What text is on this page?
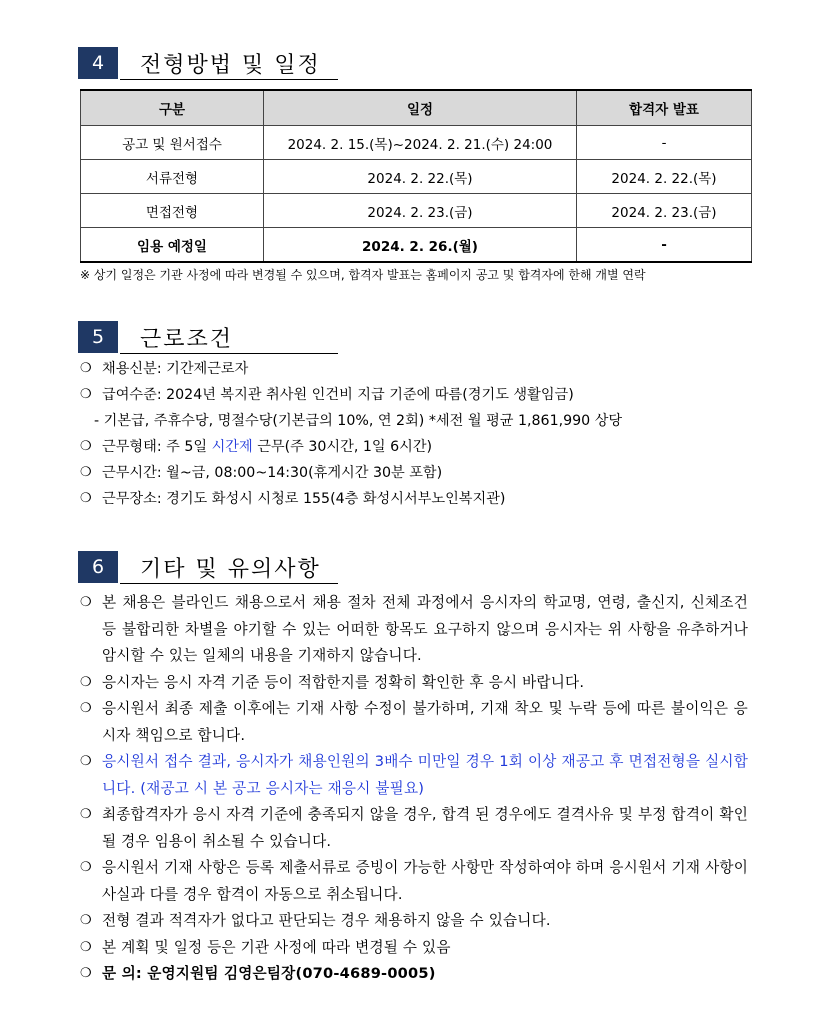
4	전형방법 및 일정
구분	일정	합격자 발표
공고 및 원서접수	2024. 2. 15.(목)~2024. 2. 21.(수) 24:00	-
서류전형	2024. 2. 22.(목)	2024. 2. 22.(목)
면접전형	2024. 2. 23.(금)	2024. 2. 23.(금)
임용 예정일	2024. 2. 26.(월)	-
※ 상기 일정은 기관 사정에 따라 변경될 수 있으며, 합격자 발표는 홈페이지 공고 및 합격자에 한해 개별 연락
5	근로조건
❍ 채용신분: 기간제근로자
❍ 급여수준: 2024년 복지관 취사원 인건비 지급 기준에 따름(경기도 생활임금)
- 기본급, 주휴수당, 명절수당(기본급의 10%, 연 2회) *세전 월 평균 1,861,990 상당
❍ 근무형태: 주 5일 시간제 근무(주 30시간, 1일 6시간)
❍ 근무시간: 월~금, 08:00~14:30(휴게시간 30분 포함)
❍ 근무장소: 경기도 화성시 시청로 155(4층 화성시서부노인복지관)
6	기타 및 유의사항
❍ 본 채용은 블라인드 채용으로서 채용 절차 전체 과정에서 응시자의 학교명, 연령, 출신지, 신체조건 등 불합리한 차별을 야기할 수 있는 어떠한 항목도 요구하지 않으며 응시자는 위 사항을 유추하거나 암시할 수 있는 일체의 내용을 기재하지 않습니다.
❍ 응시자는 응시 자격 기준 등이 적합한지를 정확히 확인한 후 응시 바랍니다.
❍ 응시원서 최종 제출 이후에는 기재 사항 수정이 불가하며, 기재 착오 및 누락 등에 따른 불이익은 응시자 책임으로 합니다.
❍ 응시원서 접수 결과, 응시자가 채용인원의 3배수 미만일 경우 1회 이상 재공고 후 면접전형을 실시합니다. (재공고 시 본 공고 응시자는 재응시 불필요)
❍ 최종합격자가 응시 자격 기준에 충족되지 않을 경우, 합격 된 경우에도 결격사유 및 부정 합격이 확인될 경우 임용이 취소될 수 있습니다.
❍ 응시원서 기재 사항은 등록 제출서류로 증빙이 가능한 사항만 작성하여야 하며 응시원서 기재 사항이 사실과 다를 경우 합격이 자동으로 취소됩니다.
❍ 전형 결과 적격자가 없다고 판단되는 경우 채용하지 않을 수 있습니다.
❍ 본 계획 및 일정 등은 기관 사정에 따라 변경될 수 있음
❍ 문 의: 운영지원팀 김영은팀장(070-4689-0005)
